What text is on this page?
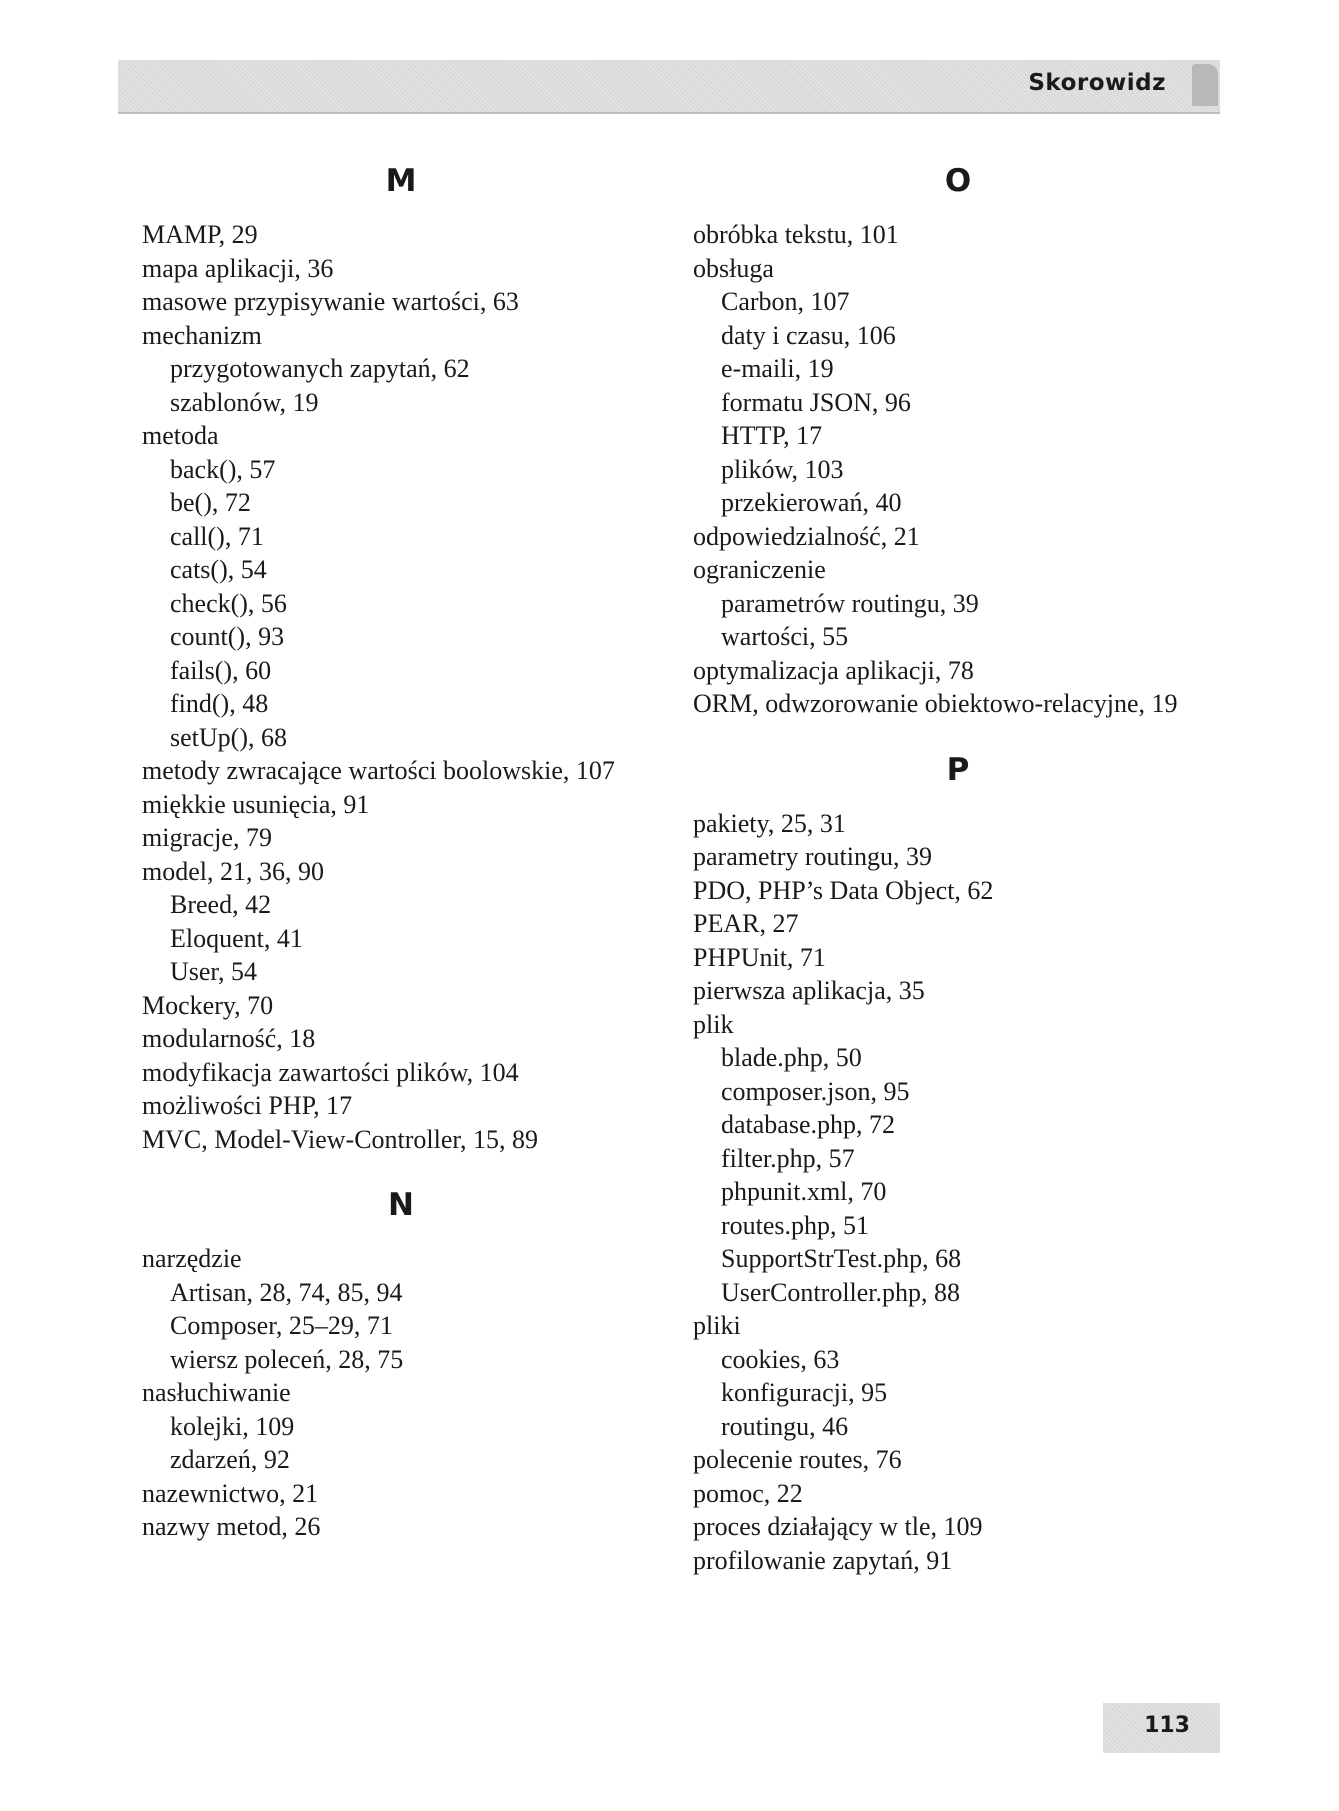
Skorowidz
M
MAMP, 29
mapa aplikacji, 36
masowe przypisywanie wartości, 63
mechanizm
przygotowanych zapytań, 62
szablonów, 19
metoda
back(), 57
be(), 72
call(), 71
cats(), 54
check(), 56
count(), 93
fails(), 60
find(), 48
setUp(), 68
metody zwracające wartości boolowskie, 107
miękkie usunięcia, 91
migracje, 79
model, 21, 36, 90
Breed, 42
Eloquent, 41
User, 54
Mockery, 70
modularność, 18
modyfikacja zawartości plików, 104
możliwości PHP, 17
MVC, Model-View-Controller, 15, 89
N
narzędzie
Artisan, 28, 74, 85, 94
Composer, 25–29, 71
wiersz poleceń, 28, 75
nasłuchiwanie
kolejki, 109
zdarzeń, 92
nazewnictwo, 21
nazwy metod, 26
O
obróbka tekstu, 101
obsługa
Carbon, 107
daty i czasu, 106
e-maili, 19
formatu JSON, 96
HTTP, 17
plików, 103
przekierowań, 40
odpowiedzialność, 21
ograniczenie
parametrów routingu, 39
wartości, 55
optymalizacja aplikacji, 78
ORM, odwzorowanie obiektowo-relacyjne, 19
P
pakiety, 25, 31
parametry routingu, 39
PDO, PHP’s Data Object, 62
PEAR, 27
PHPUnit, 71
pierwsza aplikacja, 35
plik
blade.php, 50
composer.json, 95
database.php, 72
filter.php, 57
phpunit.xml, 70
routes.php, 51
SupportStrTest.php, 68
UserController.php, 88
pliki
cookies, 63
konfiguracji, 95
routingu, 46
polecenie routes, 76
pomoc, 22
proces działający w tle, 109
profilowanie zapytań, 91
113
